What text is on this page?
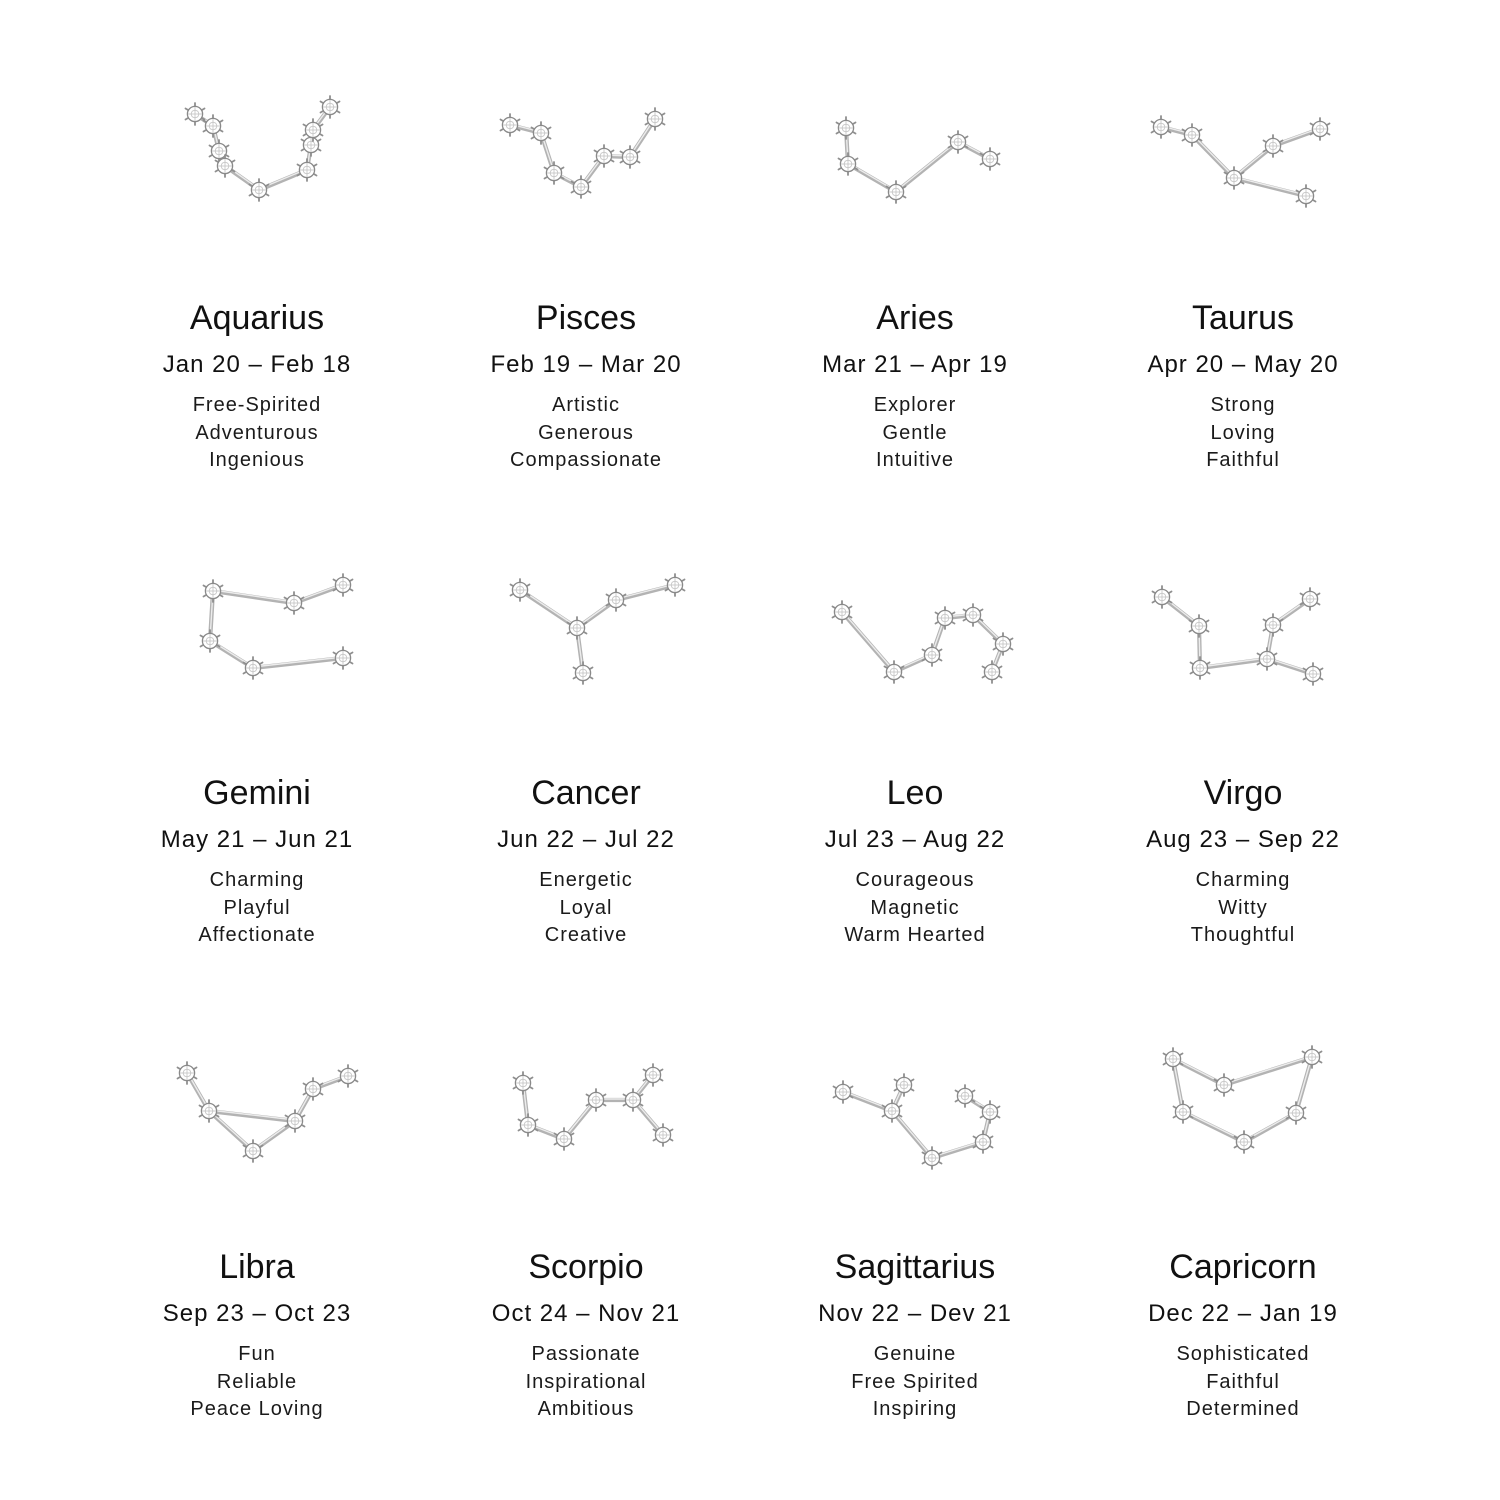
Aquarius
Jan 20 – Feb 18
Free-Spirited
Adventurous
Ingenious
Pisces
Feb 19 – Mar 20
Artistic
Generous
Compassionate
Aries
Mar 21 – Apr 19
Explorer
Gentle
Intuitive
Taurus
Apr 20 – May 20
Strong
Loving
Faithful
Gemini
May 21 – Jun 21
Charming
Playful
Affectionate
Cancer
Jun 22 – Jul 22
Energetic
Loyal
Creative
Leo
Jul 23 – Aug 22
Courageous
Magnetic
Warm Hearted
Virgo
Aug 23 – Sep 22
Charming
Witty
Thoughtful
Libra
Sep 23 – Oct 23
Fun
Reliable
Peace Loving
Scorpio
Oct 24 – Nov 21
Passionate
Inspirational
Ambitious
Sagittarius
Nov 22 – Dev 21
Genuine
Free Spirited
Inspiring
Capricorn
Dec 22 – Jan 19
Sophisticated
Faithful
Determined
